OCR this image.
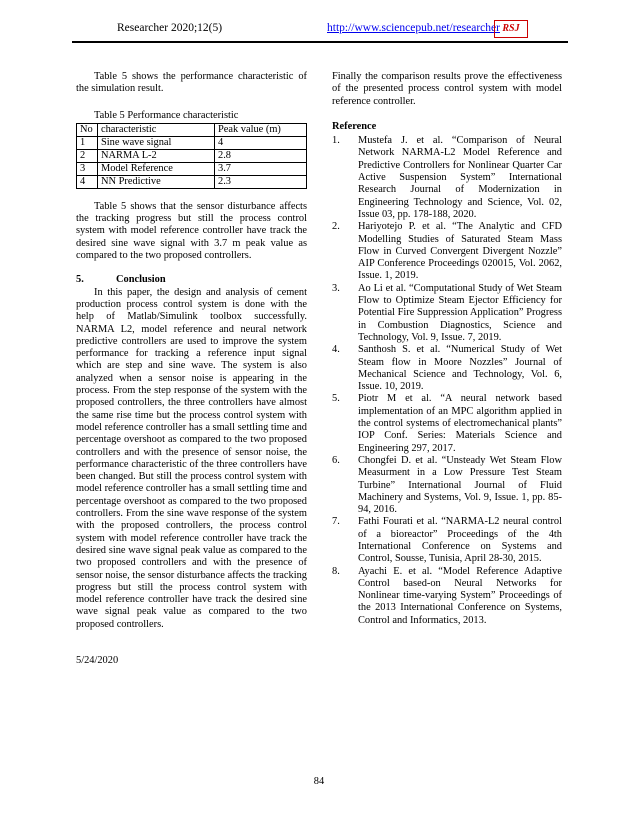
Researcher 2020;12(5)	http://www.sciencepub.net/researcher RSJ

Table 5 shows the performance characteristic of the simulation result.

Table 5 Performance characteristic

No	characteristic	Peak value (m)
1	Sine wave signal	4
2	NARMA L-2	2.8
3	Model Reference	3.7
4	NN Predictive	2.3

Table 5 shows that the sensor disturbance affects the tracking progress but still the process control system with model reference controller have track the desired sine wave signal with 3.7 m peak value as compared to the two proposed controllers.

5.	Conclusion

In this paper, the design and analysis of cement production process control system is done with the help of Matlab/Simulink toolbox successfully. NARMA L2, model reference and neural network predictive controllers are used to improve the system performance for tracking a reference input signal which are step and sine wave. The system is also analyzed when a sensor noise is appearing in the process. From the step response of the system with the proposed controllers, the three controllers have almost the same rise time but the process control system with model reference controller has a small settling time and percentage overshoot as compared to the two proposed controllers and with the presence of sensor noise, the performance characteristic of the three controllers have been changed. But still the process control system with model reference controller has a small settling time and percentage overshoot as compared to the two proposed controllers. From the sine wave response of the system with the proposed controllers, the process control system with model reference controller have track the desired sine wave signal peak value as compared to the two proposed controllers and with the presence of sensor noise, the sensor disturbance affects the tracking progress but still the process control system with model reference controller have track the desired sine wave signal peak value as compared to the two proposed controllers.

Finally the comparison results prove the effectiveness of the presented process control system with model reference controller.

Reference

1. Mustefa J. et al. “Comparison of Neural Network NARMA-L2 Model Reference and Predictive Controllers for Nonlinear Quarter Car Active Suspension System” International Research Journal of Modernization in Engineering Technology and Science, Vol. 02, Issue 03, pp. 178-188, 2020.
2. Hariyotejo P. et al. “The Analytic and CFD Modelling Studies of Saturated Steam Mass Flow in Curved Convergent Divergent Nozzle” AIP Conference Proceedings 020015, Vol. 2062, Issue. 1, 2019.
3. Ao Li et al. “Computational Study of Wet Steam Flow to Optimize Steam Ejector Efficiency for Potential Fire Suppression Application” Progress in Combustion Diagnostics, Science and Technology, Vol. 9, Issue. 7, 2019.
4. Santhosh S. et al. “Numerical Study of Wet Steam flow in Moore Nozzles” Journal of Mechanical Science and Technology, Vol. 6, Issue. 10, 2019.
5. Piotr M et al. “A neural network based implementation of an MPC algorithm applied in the control systems of electromechanical plants” IOP Conf. Series: Materials Science and Engineering 297, 2017.
6. Chongfei D. et al. “Unsteady Wet Steam Flow Measurment in a Low Pressure Test Steam Turbine” International Journal of Fluid Machinery and Systems, Vol. 9, Issue. 1, pp. 85-94, 2016.
7. Fathi Fourati et al. “NARMA-L2 neural control of a bioreactor” Proceedings of the 4th International Conference on Systems and Control, Sousse, Tunisia, April 28-30, 2015.
8. Ayachi E. et al. “Model Reference Adaptive Control based-on Neural Networks for Nonlinear time-varying System” Proceedings of the 2013 International Conference on Systems, Control and Informatics, 2013.
5/24/2020
84
